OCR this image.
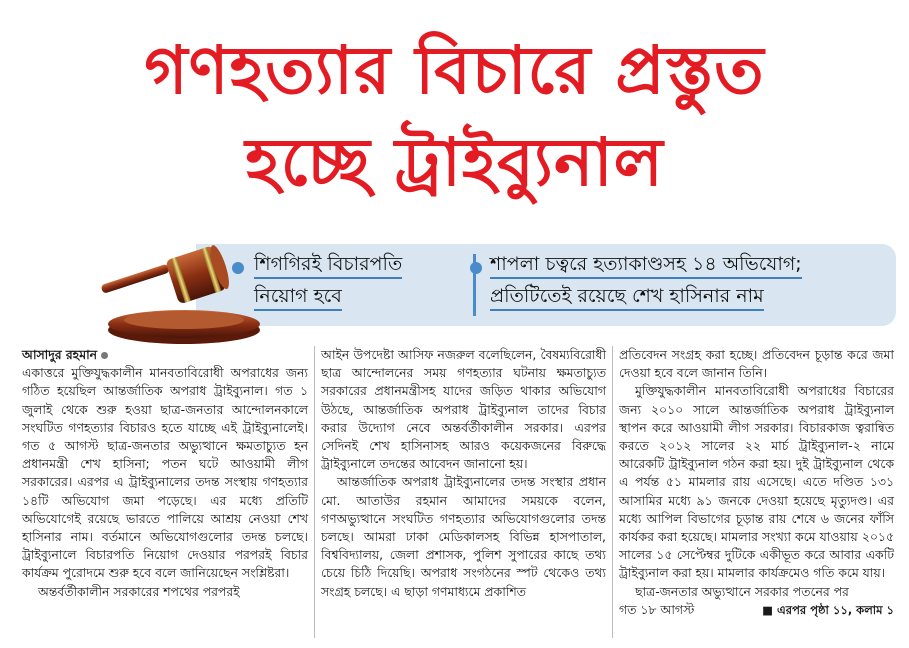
গণহত্যার বিচারে প্রস্তুত
হচ্ছে ট্রাইব্যুনাল
শিগগিরই বিচারপতি
নিয়োগ হবে
শাপলা চত্বরে হত্যাকাণ্ডসহ ১৪ অভিযোগ;
প্রতিটিতেই রয়েছে শেখ হাসিনার নাম

আসাদুর রহমান

একাত্তরে মুক্তিযুদ্ধকালীন মানবতাবিরোধী অপরাধের জন্য গঠিত হয়েছিল আন্তর্জাতিক অপরাধ ট্রাইব্যুনাল। গত ১ জুলাই থেকে শুরু হওয়া ছাত্র-জনতার আন্দোলনকালে সংঘটিত গণহত্যার বিচারও হতে যাচ্ছে এই ট্রাইব্যুনালেই। গত ৫ আগস্ট ছাত্র-জনতার অভ্যুত্থানে ক্ষমতাচ্যুত হন প্রধানমন্ত্রী শেখ হাসিনা; পতন ঘটে আওয়ামী লীগ সরকারের। এরপর এ ট্রাইব্যুনালের তদন্ত সংস্থায় গণহত্যার ১৪টি অভিযোগ জমা পড়েছে। এর মধ্যে প্রতিটি অভিযোগেই রয়েছে ভারতে পালিয়ে আশ্রয় নেওয়া শেখ হাসিনার নাম। বর্তমানে অভিযোগগুলোর তদন্ত চলছে। ট্রাইব্যুনালে বিচারপতি নিয়োগ দেওয়ার পরপরই বিচার কার্যক্রম পুরোদমে শুরু হবে বলে জানিয়েছেন সংশ্লিষ্টরা।

অন্তর্বর্তীকালীন সরকারের শপথের পরপরই

আইন উপদেষ্টা আসিফ নজরুল বলেছিলেন, বৈষম্যবিরোধী ছাত্র আন্দোলনের সময় গণহত্যার ঘটনায় ক্ষমতাচ্যুত সরকারের প্রধানমন্ত্রীসহ যাদের জড়িত থাকার অভিযোগ উঠছে, আন্তর্জাতিক অপরাধ ট্রাইব্যুনাল তাদের বিচার করার উদ্যোগ নেবে অন্তর্বর্তীকালীন সরকার। এরপর সেদিনই শেখ হাসিনাসহ আরও কয়েকজনের বিরুদ্ধে ট্রাইব্যুনালে তদন্তের আবেদন জানানো হয়।

আন্তর্জাতিক অপরাধ ট্রাইব্যুনালের তদন্ত সংস্থার প্রধান মো. আতাউর রহমান আমাদের সময়কে বলেন, গণঅভ্যুত্থানে সংঘটিত গণহত্যার অভিযোগগুলোর তদন্ত চলছে। আমরা ঢাকা মেডিকালসহ বিভিন্ন হাসপাতাল, বিশ্ববিদ্যালয়, জেলা প্রশাসক, পুলিশ সুপারের কাছে তথ্য চেয়ে চিঠি দিয়েছি। অপরাধ সংগঠনের স্পট থেকেও তথ্য সংগ্রহ চলছে। এ ছাড়া গণমাধ্যমে প্রকাশিত

প্রতিবেদন সংগ্রহ করা হচ্ছে। প্রতিবেদন চূড়ান্ত করে জমা দেওয়া হবে বলে জানান তিনি।

মুক্তিযুদ্ধকালীন মানবতাবিরোধী অপরাধের বিচারের জন্য ২০১০ সালে আন্তর্জাতিক অপরাধ ট্রাইব্যুনাল স্থাপন করে আওয়ামী লীগ সরকার। বিচারকাজ ত্বরান্বিত করতে ২০১২ সালের ২২ মার্চ ট্রাইব্যুনাল-২ নামে আরেকটি ট্রাইব্যুনাল গঠন করা হয়। দুই ট্রাইব্যুনাল থেকে এ পর্যন্ত ৫১ মামলার রায় এসেছে। এতে দণ্ডিত ১৩১ আসামির মধ্যে ৯১ জনকে দেওয়া হয়েছে মৃত্যুদণ্ড। এর মধ্যে আপিল বিভাগের চূড়ান্ত রায় শেষে ৬ জনের ফাঁসি কার্যকর করা হয়েছে। মামলার সংখ্যা কমে যাওয়ায় ২০১৫ সালের ১৫ সেপ্টেম্বর দুটিকে একীভূত করে আবার একটি ট্রাইব্যুনাল করা হয়। মামলার কার্যক্রমেও গতি কমে যায়।

ছাত্র-জনতার অভ্যুত্থানে সরকার পতনের পর

গত ১৮ আগস্ট	■ এরপর পৃষ্ঠা ১১, কলাম ১
